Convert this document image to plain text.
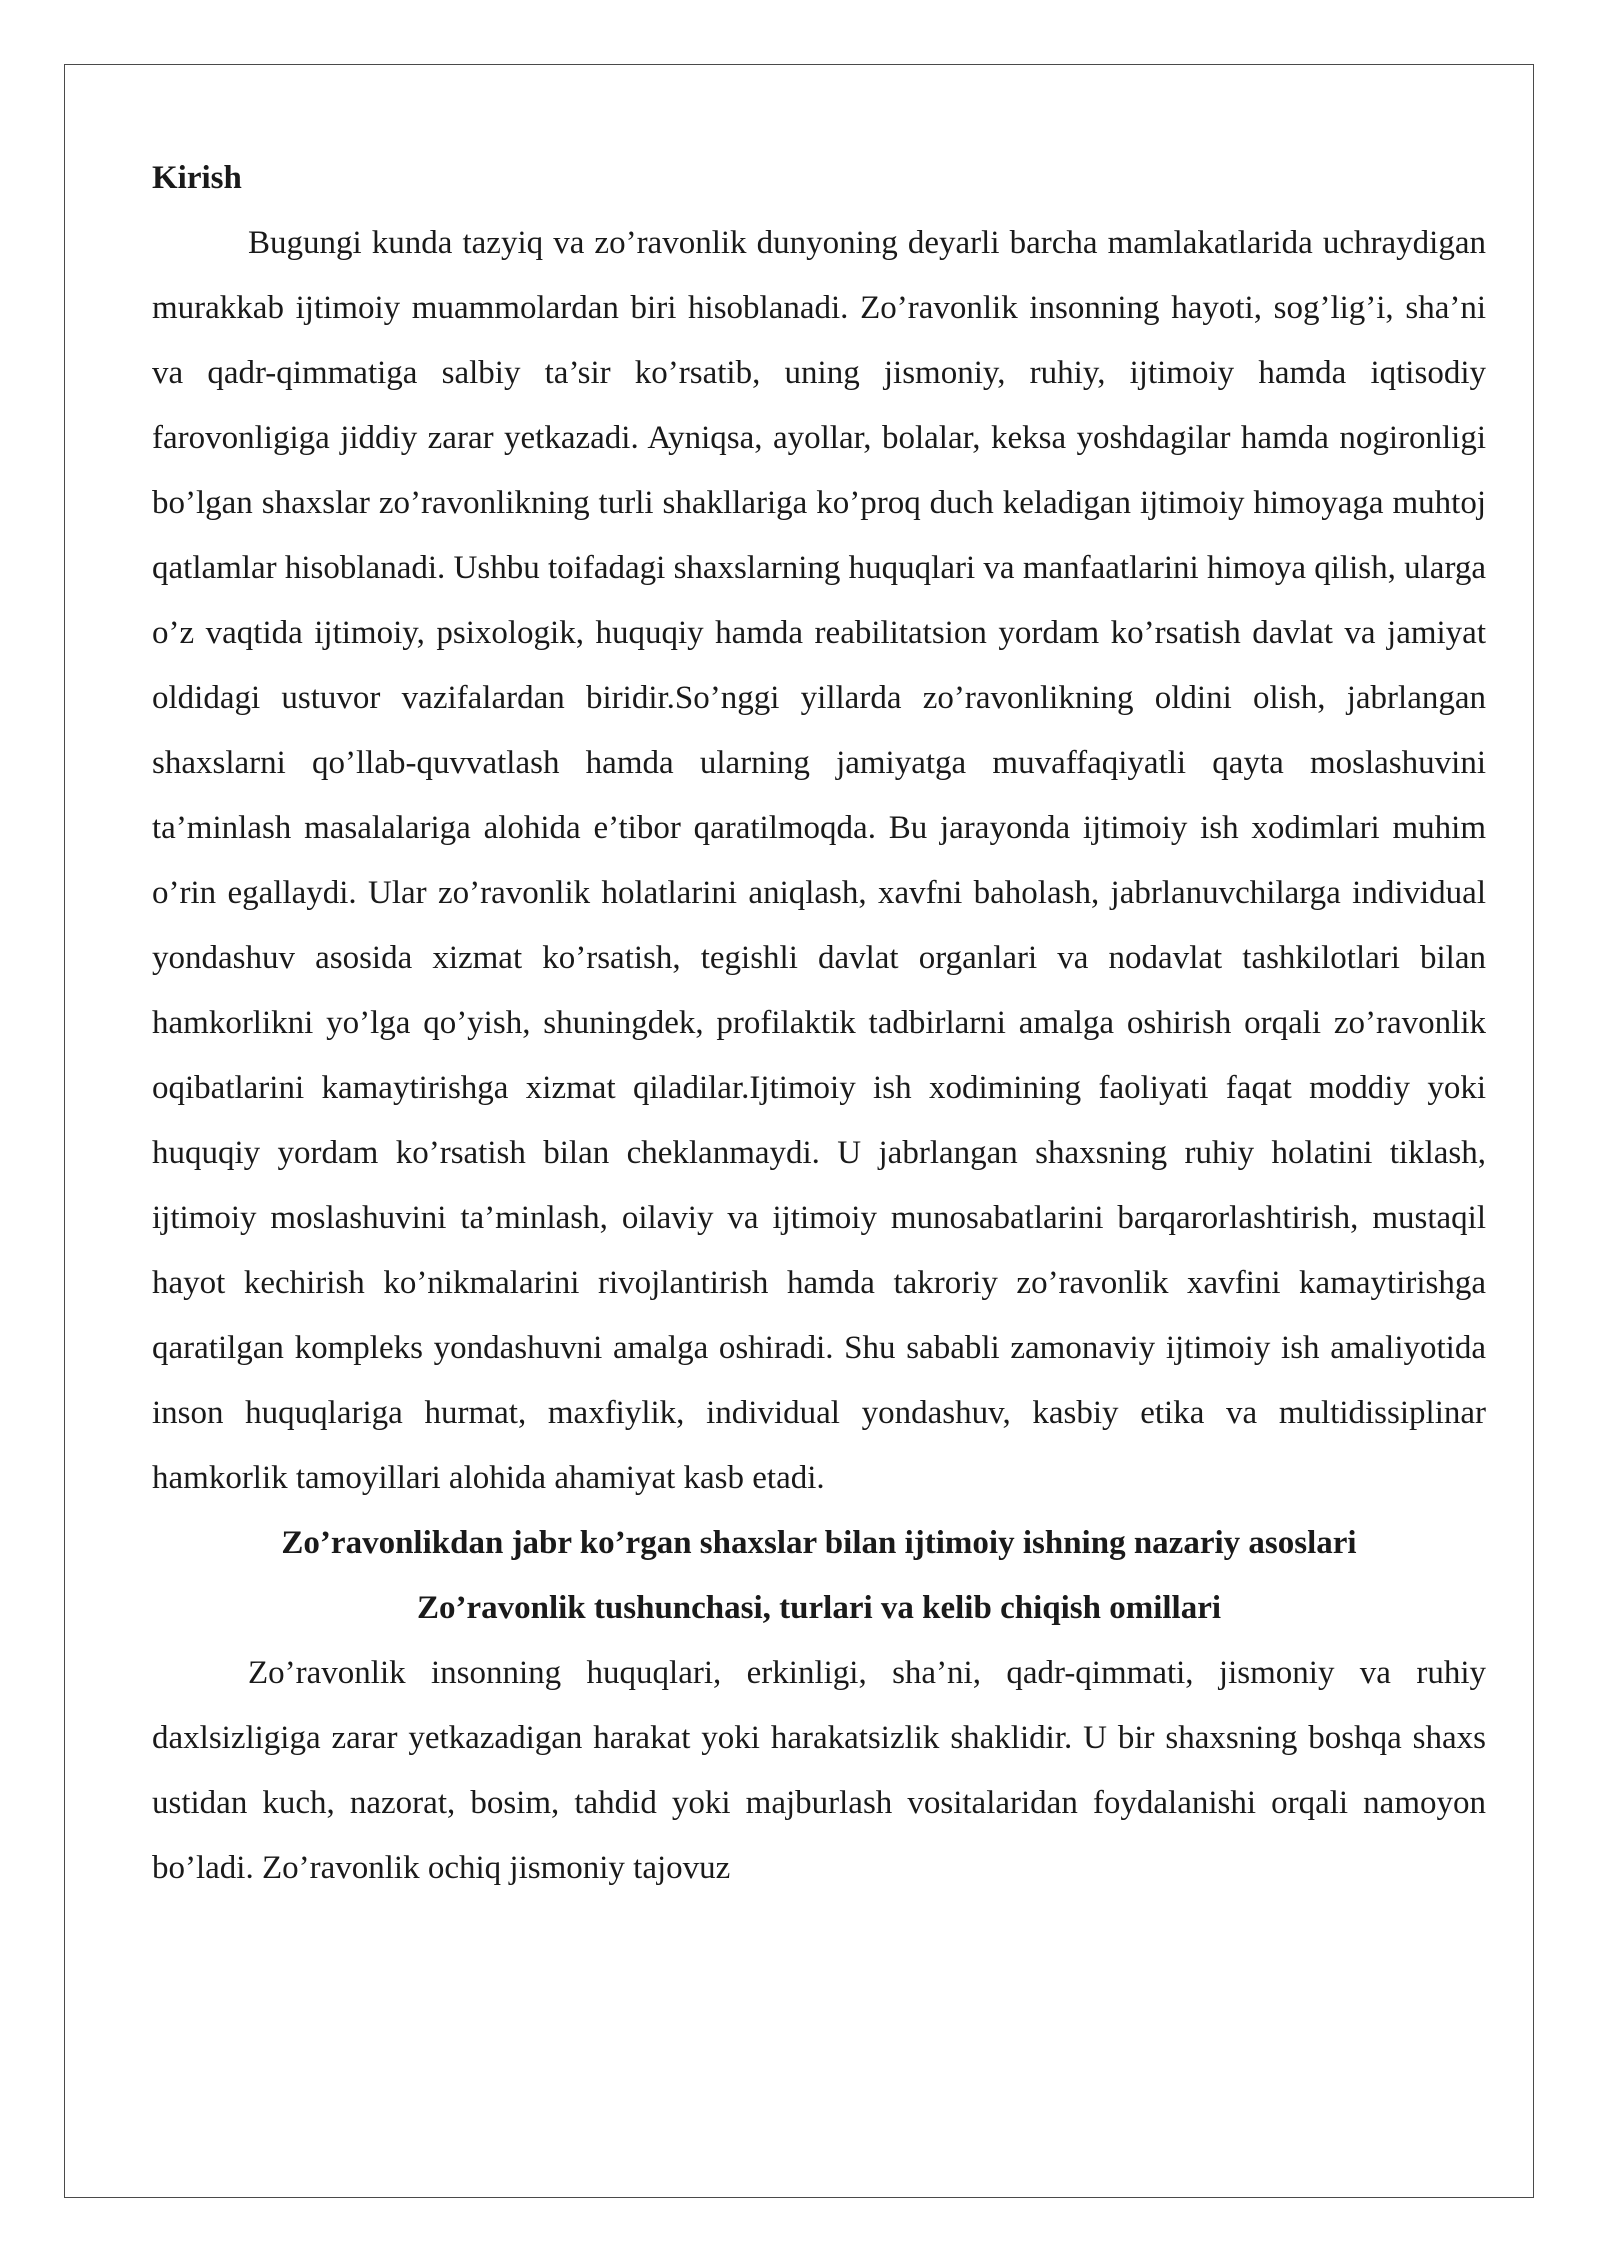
Kirish

Bugungi kunda tazyiq va zo’ravonlik dunyoning deyarli barcha mamlakatlarida uchraydigan murakkab ijtimoiy muammolardan biri hisoblanadi. Zo’ravonlik insonning hayoti, sog’lig’i, sha’ni va qadr-qimmatiga salbiy ta’sir ko’rsatib, uning jismoniy, ruhiy, ijtimoiy hamda iqtisodiy farovonligiga jiddiy zarar yetkazadi. Ayniqsa, ayollar, bolalar, keksa yoshdagilar hamda nogironligi bo’lgan shaxslar zo’ravonlikning turli shakllariga ko’proq duch keladigan ijtimoiy himoyaga muhtoj qatlamlar hisoblanadi. Ushbu toifadagi shaxslarning huquqlari va manfaatlarini himoya qilish, ularga o’z vaqtida ijtimoiy, psixologik, huquqiy hamda reabilitatsion yordam ko’rsatish davlat va jamiyat oldidagi ustuvor vazifalardan biridir.So’nggi yillarda zo’ravonlikning oldini olish, jabrlangan shaxslarni qo’llab-quvvatlash hamda ularning jamiyatga muvaffaqiyatli qayta moslashuvini ta’minlash masalalariga alohida e’tibor qaratilmoqda. Bu jarayonda ijtimoiy ish xodimlari muhim o’rin egallaydi. Ular zo’ravonlik holatlarini aniqlash, xavfni baholash, jabrlanuvchilarga individual yondashuv asosida xizmat ko’rsatish, tegishli davlat organlari va nodavlat tashkilotlari bilan hamkorlikni yo’lga qo’yish, shuningdek, profilaktik tadbirlarni amalga oshirish orqali zo’ravonlik oqibatlarini kamaytirishga xizmat qiladilar.Ijtimoiy ish xodimining faoliyati faqat moddiy yoki huquqiy yordam ko’rsatish bilan cheklanmaydi. U jabrlangan shaxsning ruhiy holatini tiklash, ijtimoiy moslashuvini ta’minlash, oilaviy va ijtimoiy munosabatlarini barqarorlashtirish, mustaqil hayot kechirish ko’nikmalarini rivojlantirish hamda takroriy zo’ravonlik xavfini kamaytirishga qaratilgan kompleks yondashuvni amalga oshiradi. Shu sababli zamonaviy ijtimoiy ish amaliyotida inson huquqlariga hurmat, maxfiylik, individual yondashuv, kasbiy etika va multidissiplinar hamkorlik tamoyillari alohida ahamiyat kasb etadi.

Zo’ravonlikdan jabr ko’rgan shaxslar bilan ijtimoiy ishning nazariy asoslari

Zo’ravonlik tushunchasi, turlari va kelib chiqish omillari

Zo’ravonlik insonning huquqlari, erkinligi, sha’ni, qadr-qimmati, jismoniy va ruhiy daxlsizligiga zarar yetkazadigan harakat yoki harakatsizlik shaklidir. U bir shaxsning boshqa shaxs ustidan kuch, nazorat, bosim, tahdid yoki majburlash vositalaridan foydalanishi orqali namoyon bo’ladi. Zo’ravonlik ochiq jismoniy tajovuz
